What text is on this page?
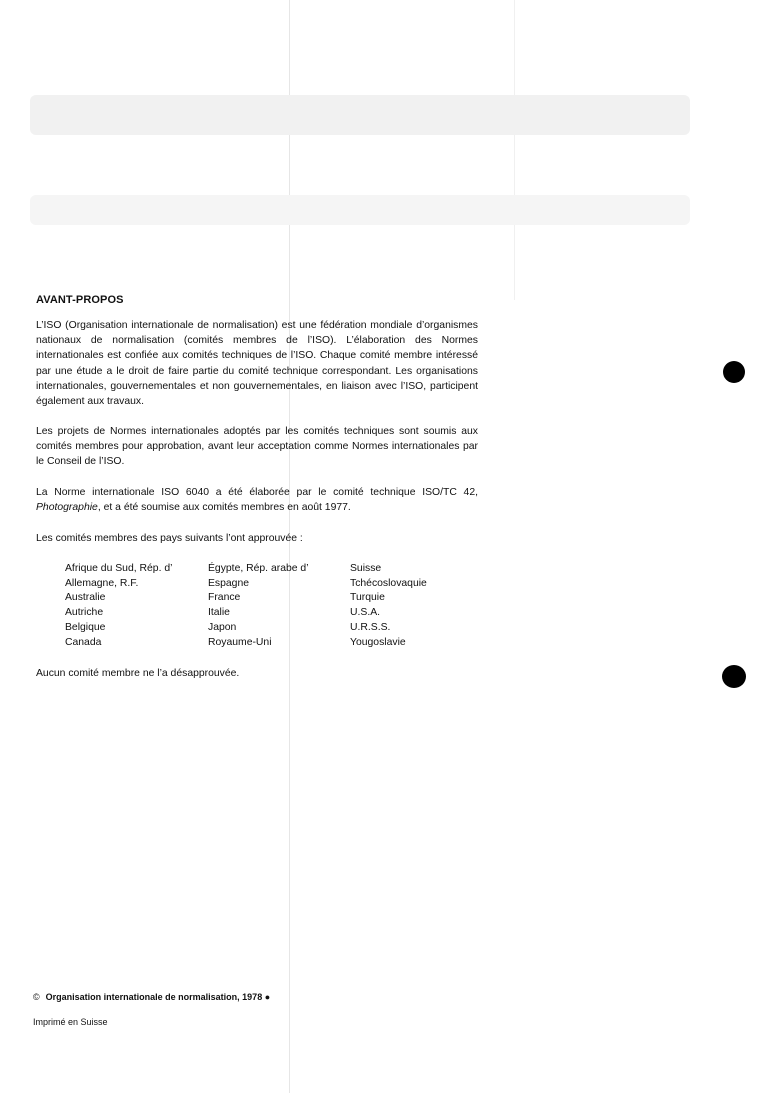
AVANT-PROPOS

L’ISO (Organisation internationale de normalisation) est une fédération mondiale d’organismes nationaux de normalisation (comités membres de l’ISO). L’élaboration des Normes internationales est confiée aux comités techniques de l’ISO. Chaque comité membre intéressé par une étude a le droit de faire partie du comité technique correspondant. Les organisations internationales, gouvernementales et non gouvernementales, en liaison avec l’ISO, participent également aux travaux.

Les projets de Normes internationales adoptés par les comités techniques sont soumis aux comités membres pour approbation, avant leur acceptation comme Normes internationales par le Conseil de l’ISO.

La Norme internationale ISO 6040 a été élaborée par le comité technique ISO/TC 42, Photographie, et a été soumise aux comités membres en août 1977.

Les comités membres des pays suivants l’ont approuvée :

Afrique du Sud, Rép. d’
Allemagne, R.F.
Australie
Autriche
Belgique
Canada
Égypte, Rép. arabe d’
Espagne
France
Italie
Japon
Royaume-Uni
Suisse
Tchécoslovaquie
Turquie
U.S.A.
U.R.S.S.
Yougoslavie

Aucun comité membre ne l’a désapprouvée.

© Organisation internationale de normalisation, 1978 ●
Imprimé en Suisse
